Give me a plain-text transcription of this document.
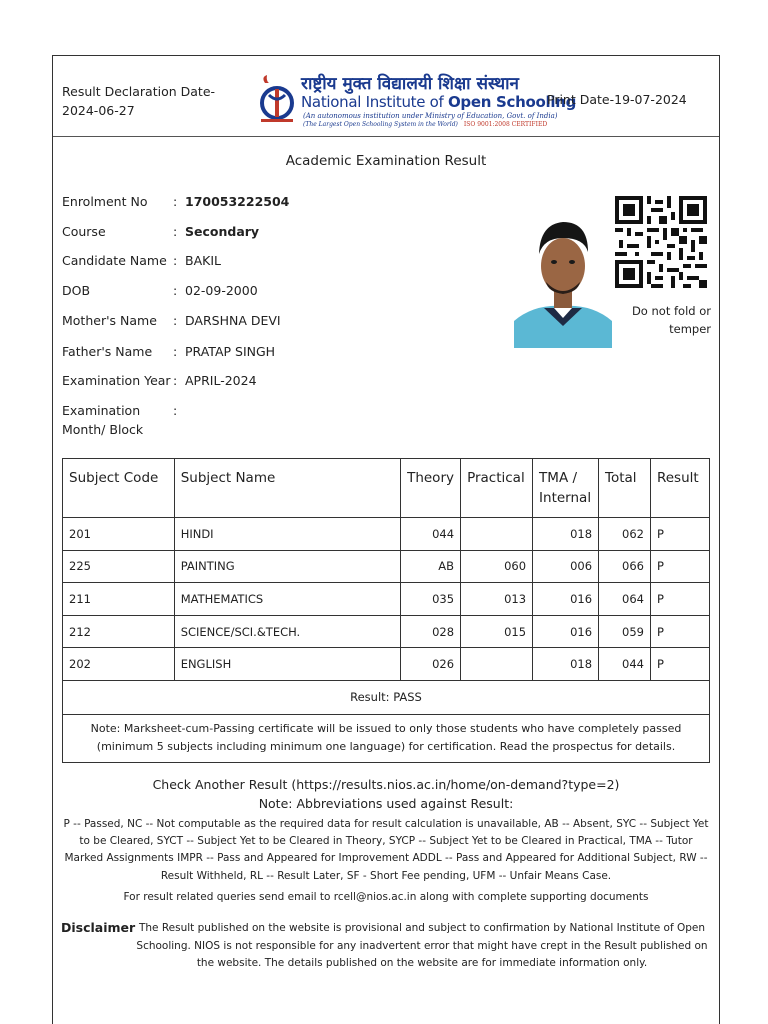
Result Declaration Date-
2024-06-27
राष्ट्रीय मुक्त विद्यालयी शिक्षा संस्थान
National Institute of Open Schooling
(An autonomous institution under Ministry of Education, Govt. of India)
(The Largest Open Schooling System in the World) ISO 9001:2008 CERTIFIED
Print Date-19-07-2024
Academic Examination Result
Enrolment No	: 170053222504
Course	: Secondary
Candidate Name : BAKIL
DOB	: 02-09-2000
Mother's Name	: DARSHNA DEVI
Father's Name	: PRATAP SINGH
Examination Year : APRIL-2024
Examination
Month/ Block
:
Do not fold or
temper
Subject Code	Subject Name	Theory	Practical	TMA /
Internal	Total	Result
201	HINDI	044		018	062	P
225	PAINTING	AB	060	006	066	P
211	MATHEMATICS	035	013	016	064	P
212	SCIENCE/SCI.&TECH.	028	015	016	059	P
202	ENGLISH	026		018	044	P
Result: PASS						
Note: Marksheet-cum-Passing certificate will be issued to only those students who have completely passed (minimum 5 subjects including minimum one language) for certification. Read the prospectus for details.						
Check Another Result (https://results.nios.ac.in/home/on-demand?type=2)
Note: Abbreviations used against Result:
P -- Passed, NC -- Not computable as the required data for result calculation is unavailable, AB -- Absent, SYC -- Subject Yet to be Cleared, SYCT -- Subject Yet to be Cleared in Theory, SYCP -- Subject Yet to be Cleared in Practical, TMA -- Tutor Marked Assignments IMPR -- Pass and Appeared for Improvement ADDL -- Pass and Appeared for Additional Subject, RW -- Result Withheld, RL -- Result Later, SF - Short Fee pending, UFM -- Unfair Means Case.
For result related queries send email to rcell@nios.ac.in along with complete supporting documents
Disclaimer The Result published on the website is provisional and subject to confirmation by National Institute of Open Schooling. NIOS is not responsible for any inadvertent error that might have crept in the Result published on the website. The details published on the website are for immediate information only.
